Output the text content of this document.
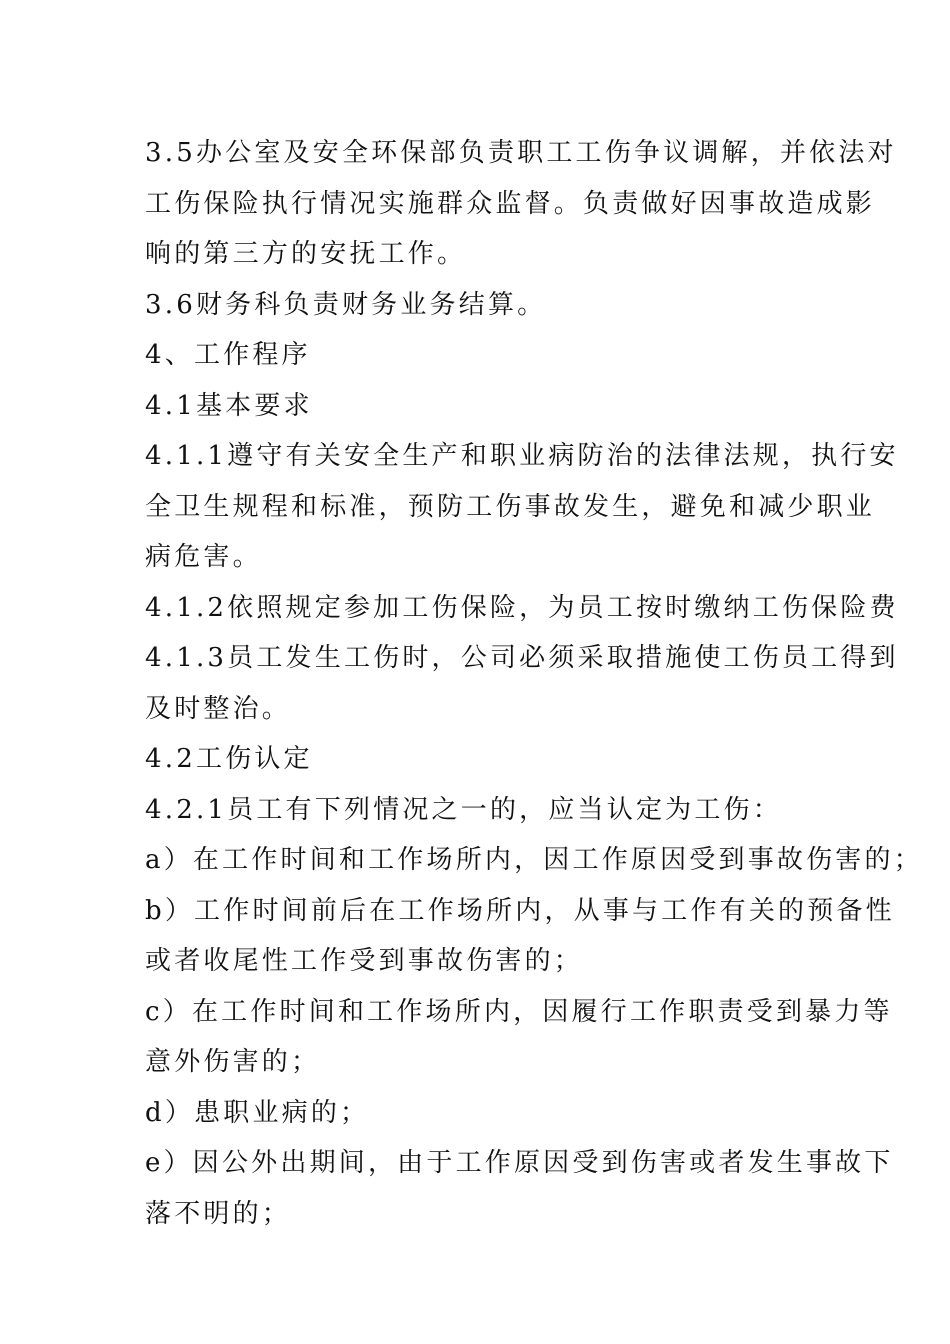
3.5办公室及安全环保部负责职工工伤争议调解，并依法对
工伤保险执行情况实施群众监督。负责做好因事故造成影
响的第三方的安抚工作。
3.6财务科负责财务业务结算。
4、工作程序
4.1基本要求
4.1.1遵守有关安全生产和职业病防治的法律法规，执行安
全卫生规程和标准，预防工伤事故发生，避免和减少职业
病危害。
4.1.2依照规定参加工伤保险，为员工按时缴纳工伤保险费
4.1.3员工发生工伤时，公司必须采取措施使工伤员工得到
及时整治。
4.2工伤认定
4.2.1员工有下列情况之一的，应当认定为工伤：
a）在工作时间和工作场所内，因工作原因受到事故伤害的；
b）工作时间前后在工作场所内，从事与工作有关的预备性
或者收尾性工作受到事故伤害的；
c）在工作时间和工作场所内，因履行工作职责受到暴力等
意外伤害的；
d）患职业病的；
e）因公外出期间，由于工作原因受到伤害或者发生事故下
落不明的；
